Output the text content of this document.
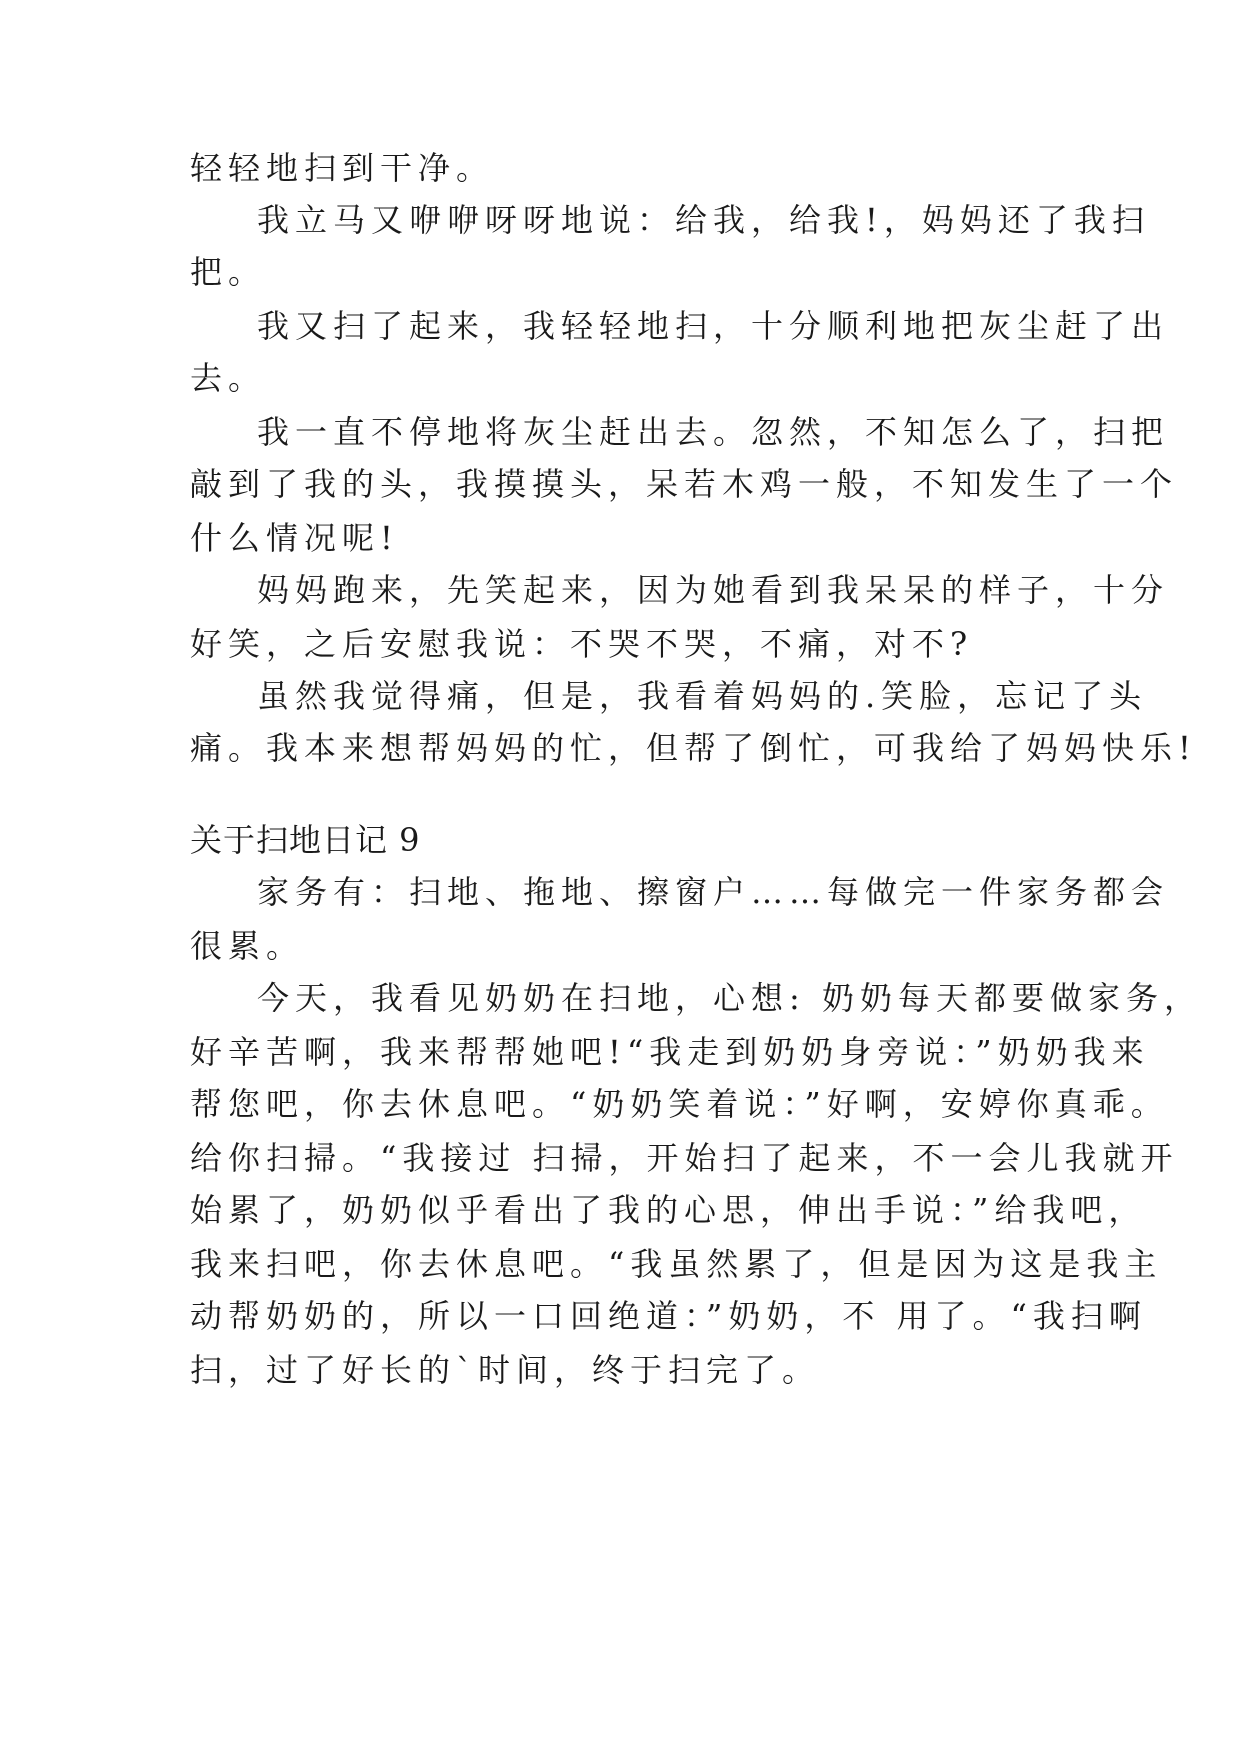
轻轻地扫到干净。
我立马又咿咿呀呀地说：给我，给我!，妈妈还了我扫
把。
我又扫了起来，我轻轻地扫，十分顺利地把灰尘赶了出
去。
我一直不停地将灰尘赶出去。忽然，不知怎么了，扫把
敲到了我的头，我摸摸头，呆若木鸡一般，不知发生了一个
什么情况呢!
妈妈跑来，先笑起来，因为她看到我呆呆的样子，十分
好笑，之后安慰我说：不哭不哭，不痛，对不?
虽然我觉得痛，但是，我看着妈妈的.笑脸，忘记了头
痛。我本来想帮妈妈的忙，但帮了倒忙，可我给了妈妈快乐!
关于扫地日记 9
家务有：扫地、拖地、擦窗户……每做完一件家务都会
很累。
今天，我看见奶奶在扫地，心想: 奶奶每天都要做家务，
好辛苦啊，我来帮帮她吧!“我走到奶奶身旁说：”奶奶我来
帮您吧，你去休息吧。“奶奶笑着说：”好啊，安婷你真乖。
给你扫掃。“我接过 扫掃，开始扫了起来，不一会儿我就开
始累了，奶奶似乎看出了我的心思，伸出手说：”给我吧，
我来扫吧，你去休息吧。“我虽然累了，但是因为这是我主
动帮奶奶的，所以一口回绝道：”奶奶，不 用了。“我扫啊
扫，过了好长的`时间，终于扫完了。
